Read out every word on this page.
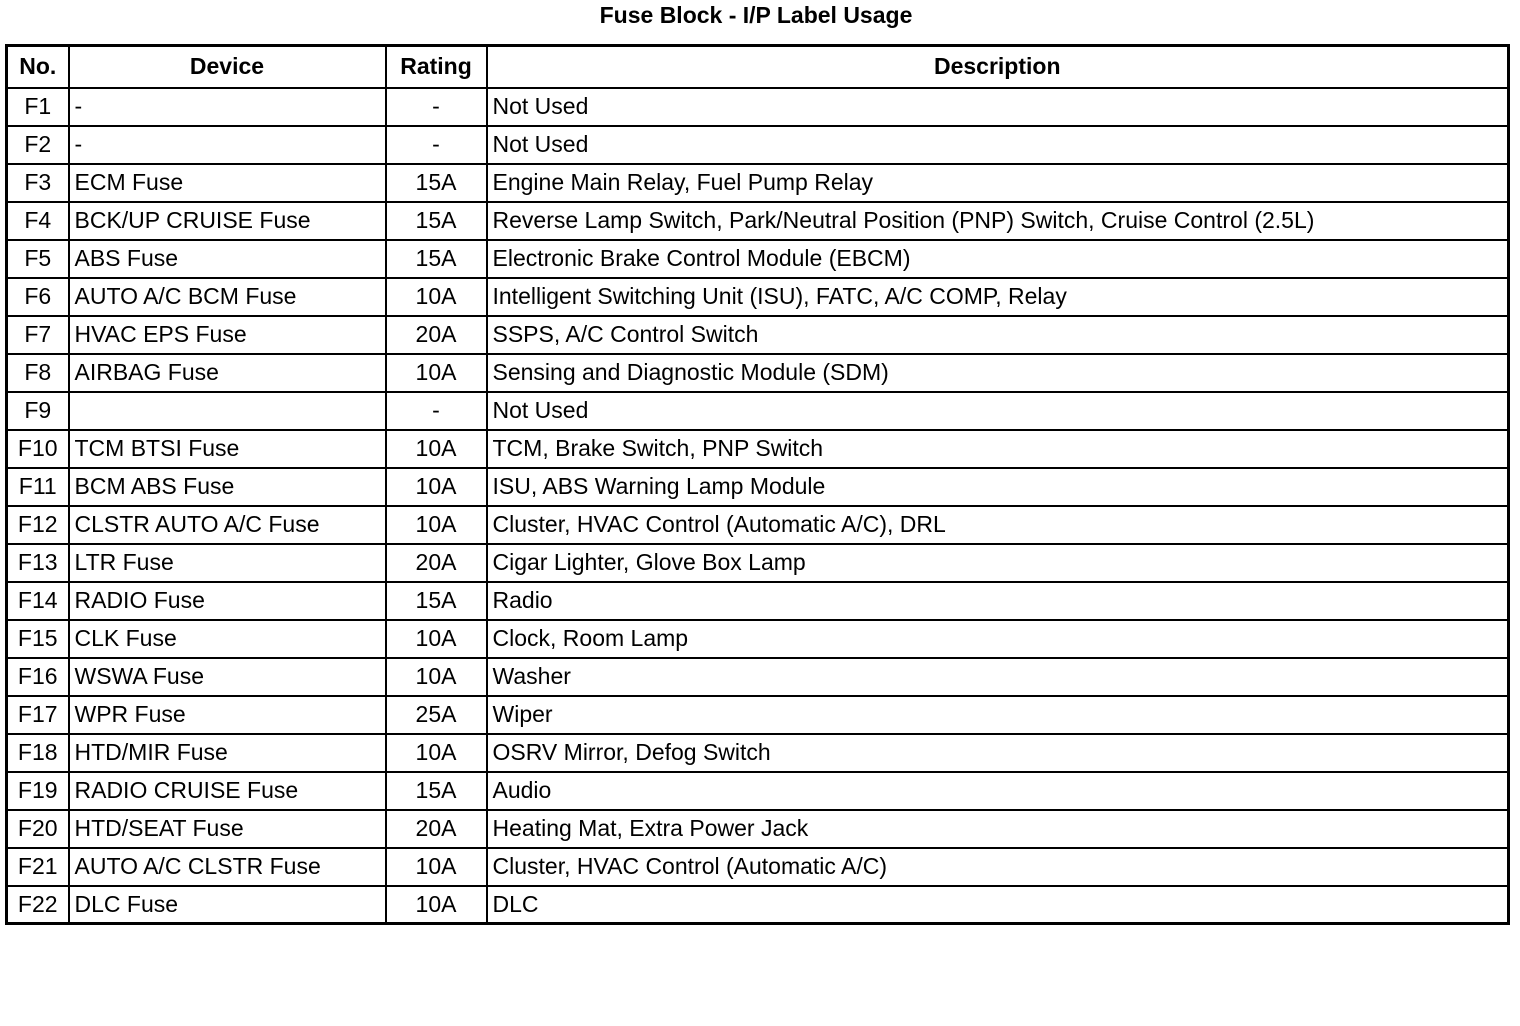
Fuse Block - I/P Label Usage
No.	Device	Rating	Description
F1	-	-	Not Used
F2	-	-	Not Used
F3	ECM Fuse	15A	Engine Main Relay, Fuel Pump Relay
F4	BCK/UP CRUISE Fuse	15A	Reverse Lamp Switch, Park/Neutral Position (PNP) Switch, Cruise Control (2.5L)
F5	ABS Fuse	15A	Electronic Brake Control Module (EBCM)
F6	AUTO A/C BCM Fuse	10A	Intelligent Switching Unit (ISU), FATC, A/C COMP, Relay
F7	HVAC EPS Fuse	20A	SSPS, A/C Control Switch
F8	AIRBAG Fuse	10A	Sensing and Diagnostic Module (SDM)
F9		-	Not Used
F10	TCM BTSI Fuse	10A	TCM, Brake Switch, PNP Switch
F11	BCM ABS Fuse	10A	ISU, ABS Warning Lamp Module
F12	CLSTR AUTO A/C Fuse	10A	Cluster, HVAC Control (Automatic A/C), DRL
F13	LTR Fuse	20A	Cigar Lighter, Glove Box Lamp
F14	RADIO Fuse	15A	Radio
F15	CLK Fuse	10A	Clock, Room Lamp
F16	WSWA Fuse	10A	Washer
F17	WPR Fuse	25A	Wiper
F18	HTD/MIR Fuse	10A	OSRV Mirror, Defog Switch
F19	RADIO CRUISE Fuse	15A	Audio
F20	HTD/SEAT Fuse	20A	Heating Mat, Extra Power Jack
F21	AUTO A/C CLSTR Fuse	10A	Cluster, HVAC Control (Automatic A/C)
F22	DLC Fuse	10A	DLC
